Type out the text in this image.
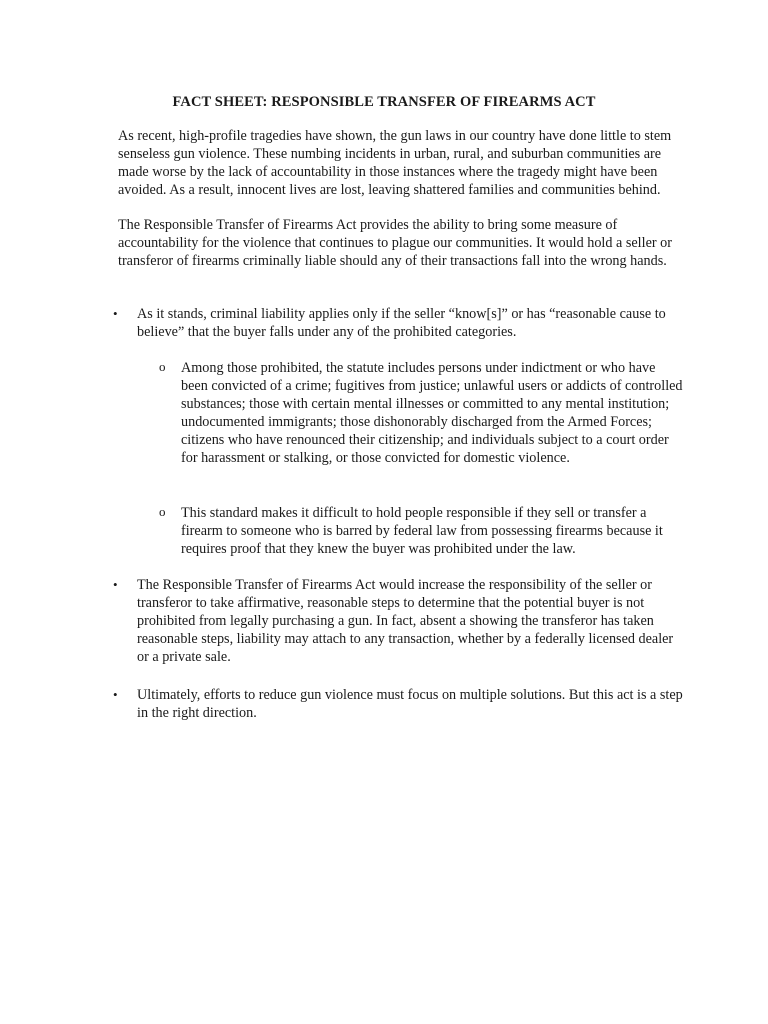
FACT SHEET: RESPONSIBLE TRANSFER OF FIREARMS ACT

As recent, high-profile tragedies have shown, the gun laws in our country have done little to stem senseless gun violence. These numbing incidents in urban, rural, and suburban communities are made worse by the lack of accountability in those instances where the tragedy might have been avoided. As a result, innocent lives are lost, leaving shattered families and communities behind.

The Responsible Transfer of Firearms Act provides the ability to bring some measure of accountability for the violence that continues to plague our communities. It would hold a seller or transferor of firearms criminally liable should any of their transactions fall into the wrong hands.

• As it stands, criminal liability applies only if the seller “know[s]” or has “reasonable cause to believe” that the buyer falls under any of the prohibited categories.
o Among those prohibited, the statute includes persons under indictment or who have been convicted of a crime; fugitives from justice; unlawful users or addicts of controlled substances; those with certain mental illnesses or committed to any mental institution; undocumented immigrants; those dishonorably discharged from the Armed Forces; citizens who have renounced their citizenship; and individuals subject to a court order for harassment or stalking, or those convicted for domestic violence.
o This standard makes it difficult to hold people responsible if they sell or transfer a firearm to someone who is barred by federal law from possessing firearms because it requires proof that they knew the buyer was prohibited under the law.
• The Responsible Transfer of Firearms Act would increase the responsibility of the seller or transferor to take affirmative, reasonable steps to determine that the potential buyer is not prohibited from legally purchasing a gun. In fact, absent a showing the transferor has taken reasonable steps, liability may attach to any transaction, whether by a federally licensed dealer or a private sale.
• Ultimately, efforts to reduce gun violence must focus on multiple solutions. But this act is a step in the right direction.
